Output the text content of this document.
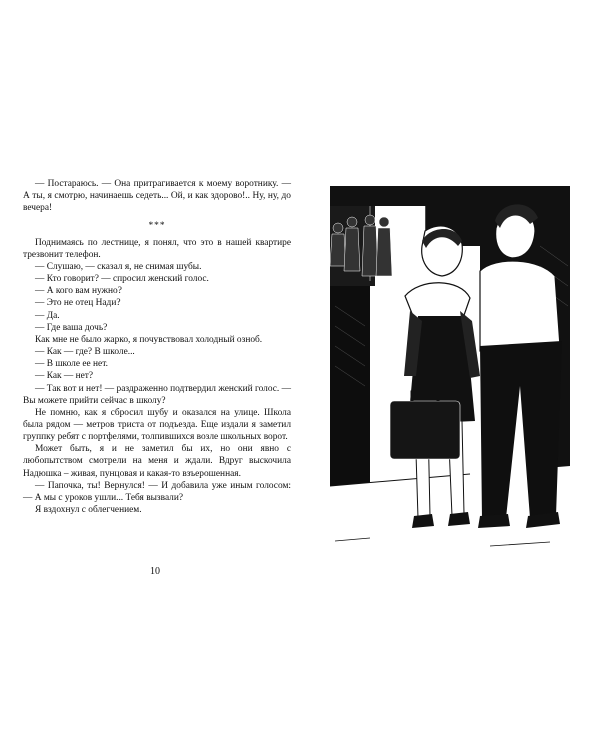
— Постараюсь. — Она притрагивается к моему воротнику. — А ты, я смотрю, начинаешь седеть... Ой, и как здорово!.. Ну, ну, до вечера!

***

Поднимаясь по лестнице, я понял, что это в нашей квартире трезвонит телефон.

— Слушаю, — сказал я, не снимая шубы.

— Кто говорит? — спросил женский голос.

— А кого вам нужно?

— Это не отец Нади?

— Да.

— Где ваша дочь?

Как мне не было жарко, я почувствовал холодный озноб.

— Как — где? В школе...

— В школе ее нет.

— Как — нет?

— Так вот и нет! — раздраженно подтвердил женский голос. — Вы можете прийти сейчас в школу?

Не помню, как я сбросил шубу и оказался на улице. Школа была рядом — метров триста от подъезда. Еще издали я заметил группку ребят с портфелями, толпившихся возле школьных ворот.

Может быть, я и не заметил бы их, но они явно с любопытством смотрели на меня и ждали. Вдруг выскочила Надюшка – живая, пунцовая и какая-то взъерошенная.

— Папочка, ты! Вернулся! — И добавила уже иным голосом: — А мы с уроков ушли... Тебя вызвали?

Я вздохнул с облегчением.

10
